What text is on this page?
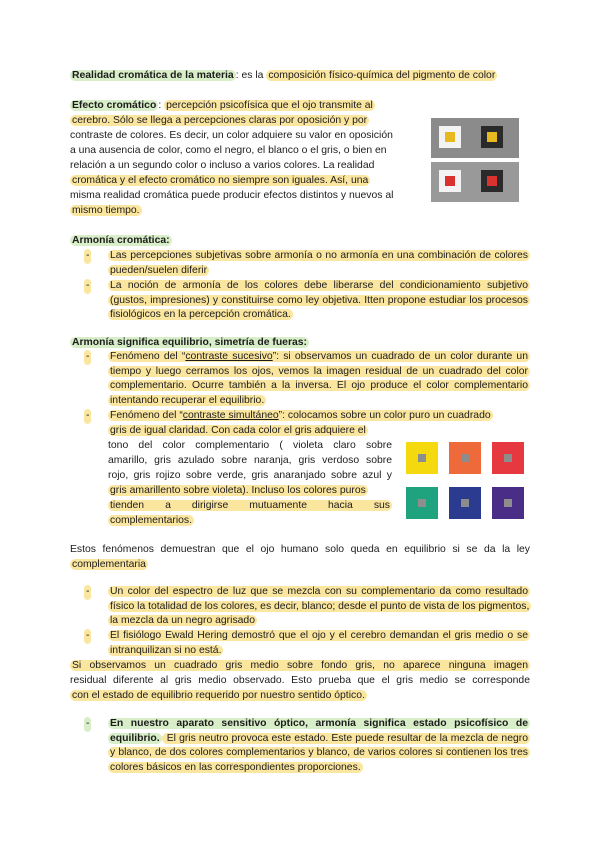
Realidad cromática de la materia : es la composición físico-química del pigmento de color
Efecto cromático : percepción psicofísica que el ojo transmite al
cerebro. Sólo se llega a percepciones claras por oposición y por
contraste de colores. Es decir, un color adquiere su valor en oposición
a una ausencia de color, como el negro, el blanco o el gris, o bien en
relación a un segundo color o incluso a varios colores. La realidad
cromática y el efecto cromático no siempre son iguales. Así, una
misma realidad cromática puede producir efectos distintos y nuevos al
mismo tiempo.
Armonía cromática:
- Las percepciones subjetivas sobre armonía o no armonía en una combinación de colores pueden/suelen diferir
- La noción de armonía de los colores debe liberarse del condicionamiento subjetivo (gustos, impresiones) y constituirse como ley objetiva. Itten propone estudiar los procesos fisiológicos en la percepción cromática.
Armonía significa equilibrio, simetría de fueras:
- Fenómeno del “contraste sucesivo”: si observamos un cuadrado de un color durante un tiempo y luego cerramos los ojos, vemos la imagen residual de un cuadrado del color complementario. Ocurre también a la inversa. El ojo produce el color complementario intentando recuperar el equilibrio.
- Fenómeno del “contraste simultáneo”: colocamos sobre un color puro un cuadrado
gris de igual claridad. Con cada color el gris adquiere el
tono del color complementario ( violeta claro sobre
amarillo, gris azulado sobre naranja, gris verdoso sobre
rojo, gris rojizo sobre verde, gris anaranjado sobre azul y
gris amarillento sobre violeta). Incluso los colores puros
tienden a dirigirse mutuamente hacia sus
complementarios.
Estos fenómenos demuestran que el ojo humano solo queda en equilibrio si se da la ley
complementaria
- Un color del espectro de luz que se mezcla con su complementario da como resultado físico la totalidad de los colores, es decir, blanco; desde el punto de vista de los pigmentos, la mezcla da un negro agrisado
- El fisiólogo Ewald Hering demostró que el ojo y el cerebro demandan el gris medio o se intranquilizan si no está.
Si observamos un cuadrado gris medio sobre fondo gris, no aparece ninguna imagen
residual diferente al gris medio observado. Esto prueba que el gris medio se corresponde
con el estado de equilibrio requerido por nuestro sentido óptico.
- En nuestro aparato sensitivo óptico, armonía significa estado psicofísico de equilibrio. El gris neutro provoca este estado. Este puede resultar de la mezcla de negro y blanco, de dos colores complementarios y blanco, de varios colores si contienen los tres colores básicos en las correspondientes proporciones.
